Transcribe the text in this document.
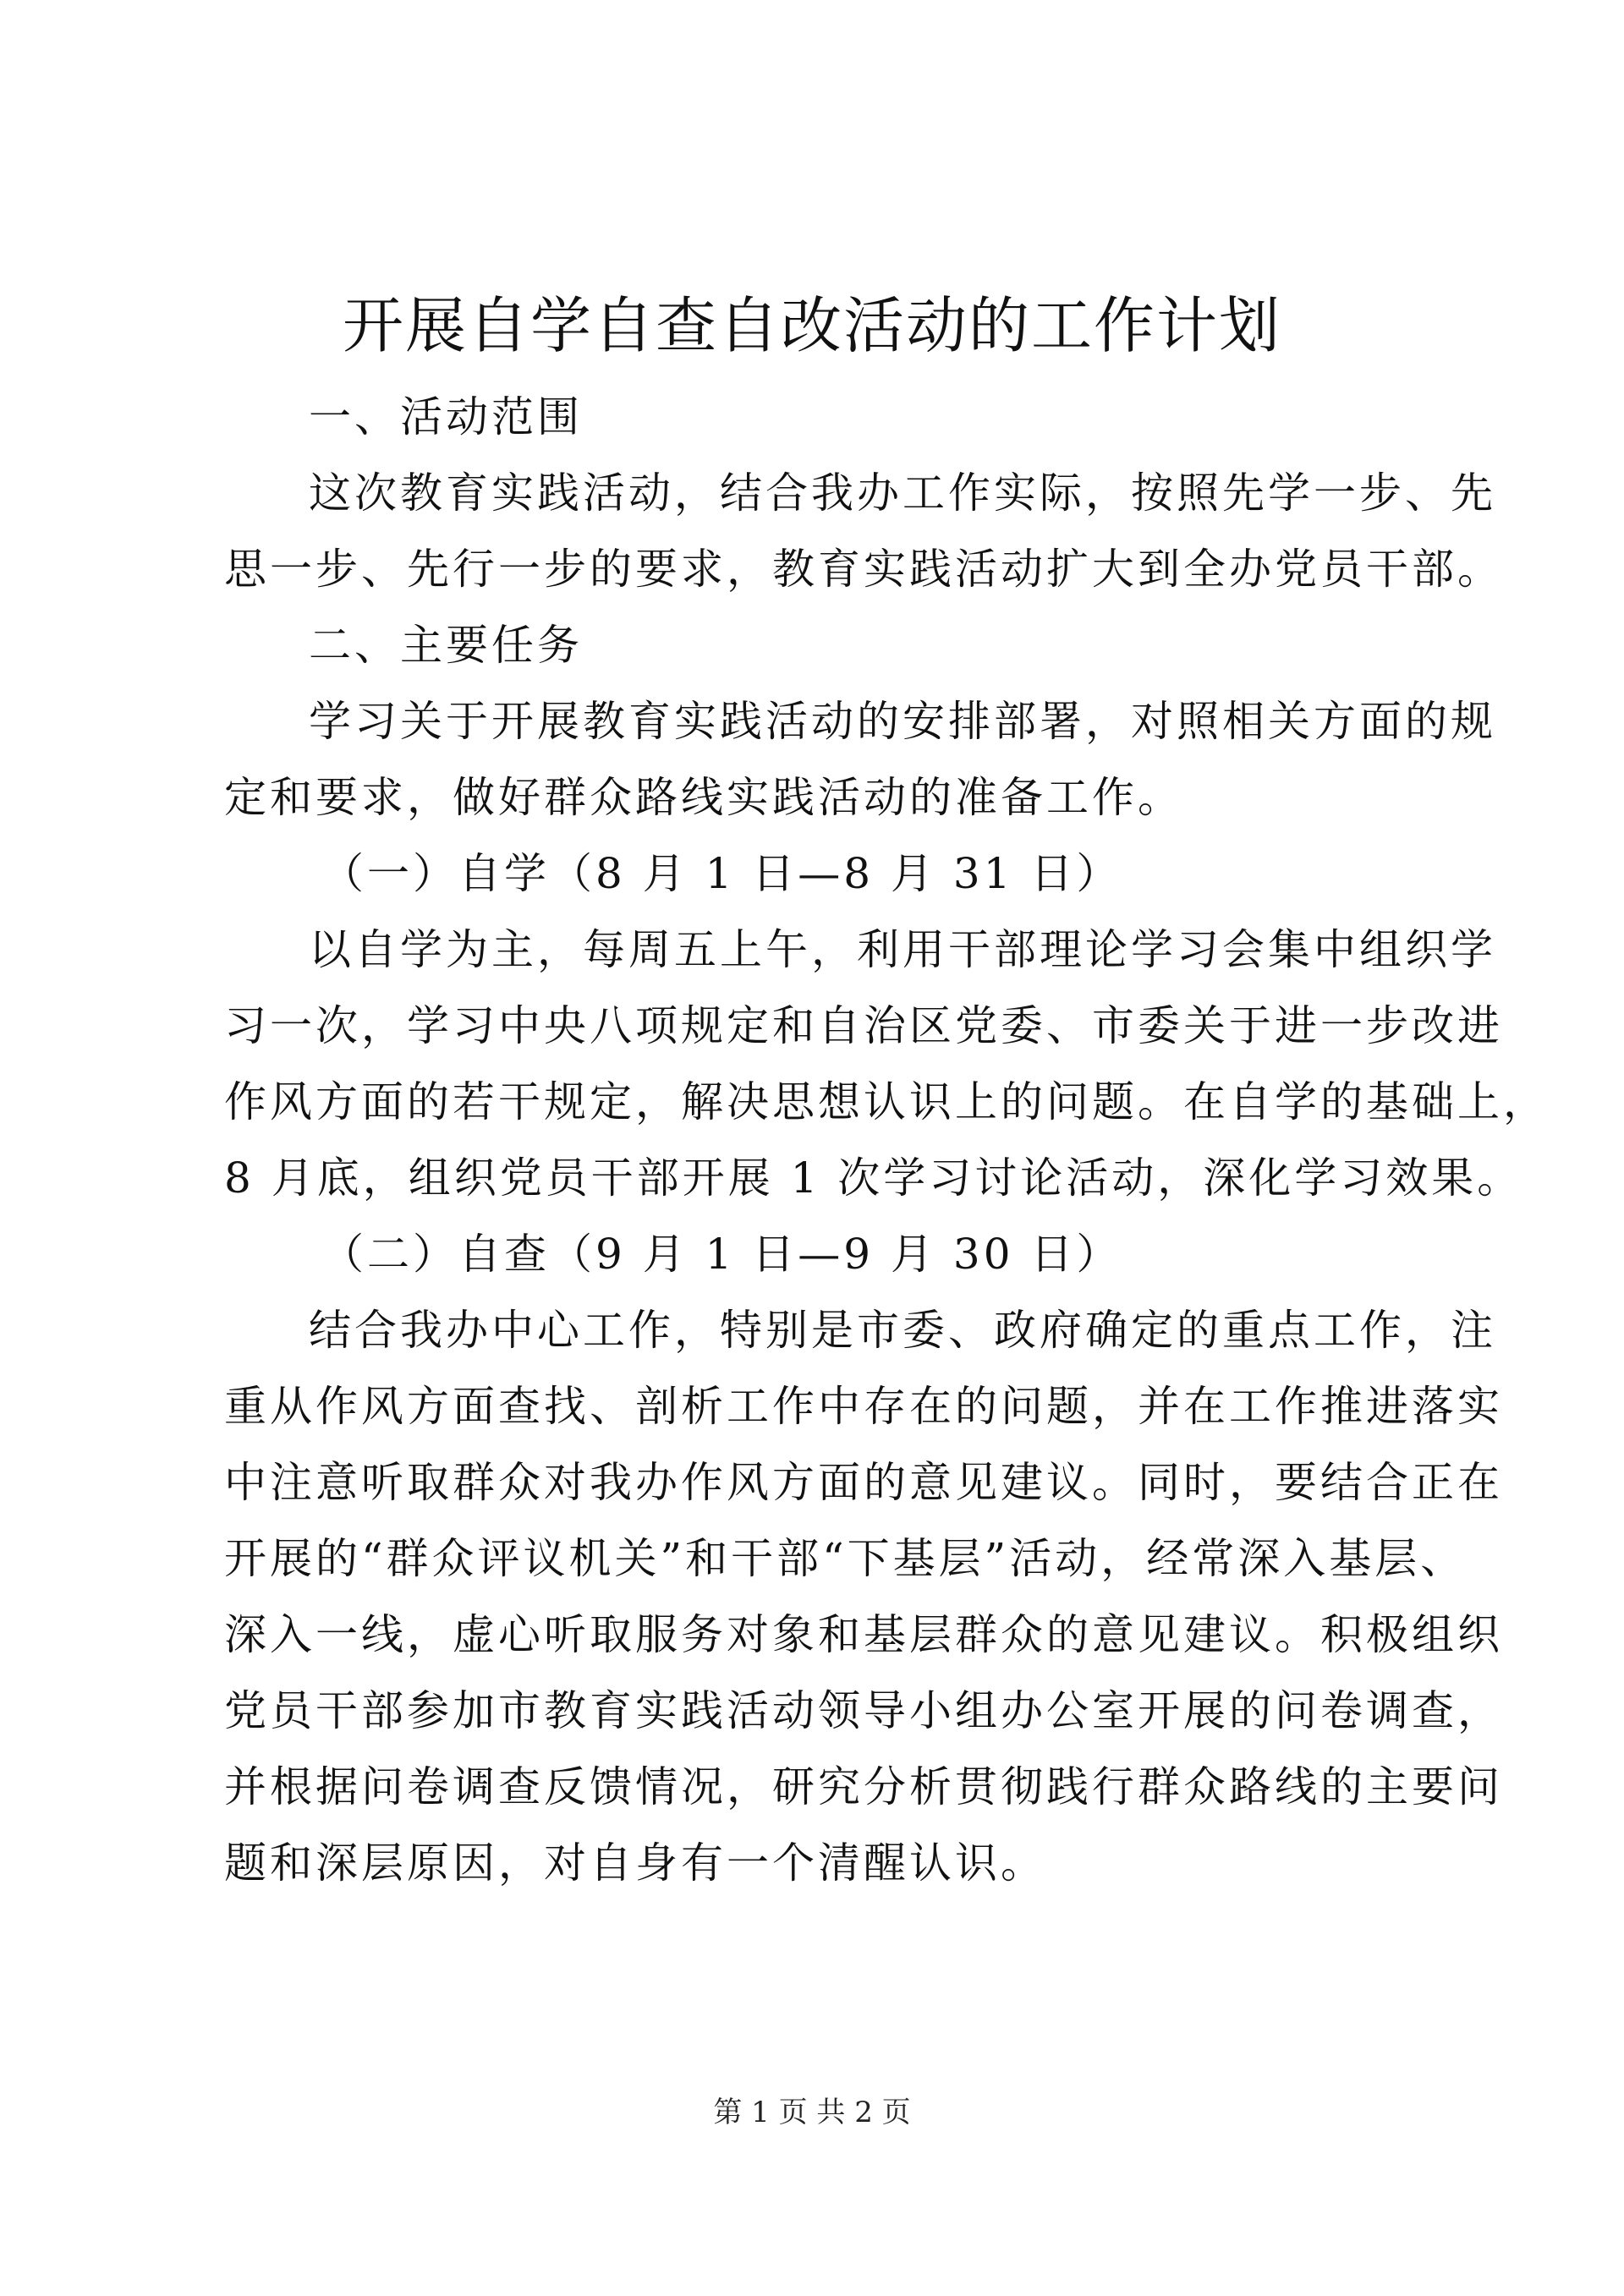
开展自学自查自改活动的工作计划
一、活动范围
这次教育实践活动，结合我办工作实际，按照先学一步、先
思一步、先行一步的要求，教育实践活动扩大到全办党员干部。
二、主要任务
学习关于开展教育实践活动的安排部署，对照相关方面的规
定和要求，做好群众路线实践活动的准备工作。
（一）自学（8 月 1 日—8 月 31 日）
以自学为主，每周五上午，利用干部理论学习会集中组织学
习一次，学习中央八项规定和自治区党委、市委关于进一步改进
作风方面的若干规定，解决思想认识上的问题。在自学的基础上，
8 月底，组织党员干部开展 1 次学习讨论活动，深化学习效果。
（二）自查（9 月 1 日—9 月 30 日）
结合我办中心工作，特别是市委、政府确定的重点工作，注
重从作风方面查找、剖析工作中存在的问题，并在工作推进落实
中注意听取群众对我办作风方面的意见建议。同时，要结合正在
开展的“群众评议机关”和干部“下基层”活动，经常深入基层、
深入一线，虚心听取服务对象和基层群众的意见建议。积极组织
党员干部参加市教育实践活动领导小组办公室开展的问卷调查，
并根据问卷调查反馈情况，研究分析贯彻践行群众路线的主要问
题和深层原因，对自身有一个清醒认识。
第 1 页 共 2 页
